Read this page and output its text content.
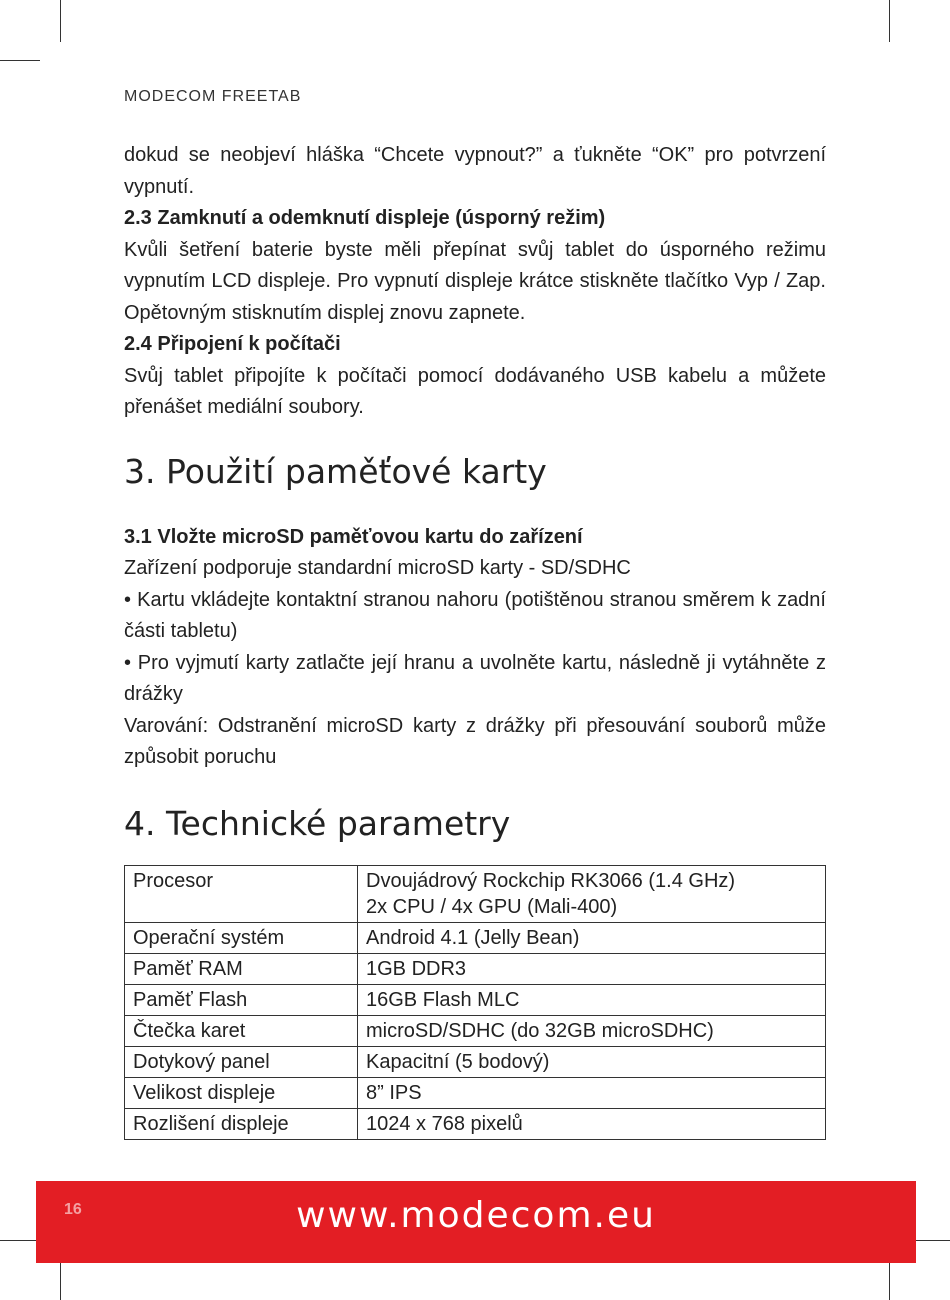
MODECOM FREETAB

dokud se neobjeví hláška “Chcete vypnout?” a ťukněte “OK” pro potvrzení vypnutí.

2.3 Zamknutí a odemknutí displeje (úsporný režim)

Kvůli šetření baterie byste měli přepínat svůj tablet do úsporného režimu vypnutím LCD displeje. Pro vypnutí displeje krátce stiskněte tlačítko Vyp / Zap. Opětovným stisknutím displej znovu zapnete.

2.4 Připojení k počítači

Svůj tablet připojíte k počítači pomocí dodávaného USB kabelu a můžete přenášet mediální soubory.

3. Použití paměťové karty
3.1 Vložte microSD paměťovou kartu do zařízení

Zařízení podporuje standardní microSD karty - SD/SDHC

• Kartu vkládejte kontaktní stranou nahoru (potištěnou stranou směrem k zadní části tabletu)

• Pro vyjmutí karty zatlačte její hranu a uvolněte kartu, následně ji vytáhněte z drážky

Varování: Odstranění microSD karty z drážky při přesouvání souborů může způsobit poruchu

4. Technické parametry
Procesor	Dvoujádrový Rockchip RK3066 (1.4 GHz)
2x CPU / 4x GPU (Mali-400)

Operační systém	Android 4.1 (Jelly Bean)
Paměť RAM	1GB DDR3
Paměť Flash	16GB Flash MLC
Čtečka karet	microSD/SDHC (do 32GB microSDHC)
Dotykový panel	Kapacitní (5 bodový)
Velikost displeje	8” IPS
Rozlišení displeje	1024 x 768 pixelů
16	www.modecom.eu
